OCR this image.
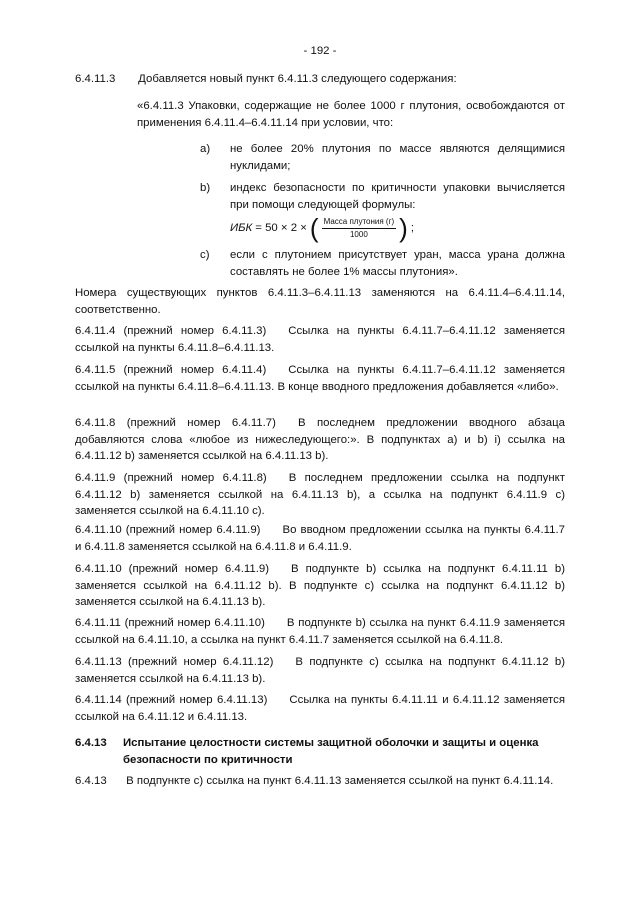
- 192 -
6.4.11.3 Добавляется новый пункт 6.4.11.3 следующего содержания:
«6.4.11.3 Упаковки, содержащие не более 1000 г плутония, освобождаются от применения 6.4.11.4–6.4.11.14 при условии, что:
a) не более 20% плутония по массе являются делящимися нуклидами;
b) индекс безопасности по критичности упаковки вычисляется при помощи следующей формулы:
ИБК = 50 × 2 × ( $\frac{\text{Масса плутония (г)}}{1000}$ ) ;
c) если с плутонием присутствует уран, масса урана должна составлять не более 1% массы плутония».
Номера существующих пунктов 6.4.11.3–6.4.11.13 заменяются на 6.4.11.4–6.4.11.14, соответственно.
6.4.11.4 (прежний номер 6.4.11.3) Ссылка на пункты 6.4.11.7–6.4.11.12 заменяется ссылкой на пункты 6.4.11.8–6.4.11.13.
6.4.11.5 (прежний номер 6.4.11.4) Ссылка на пункты 6.4.11.7–6.4.11.12 заменяется ссылкой на пункты 6.4.11.8–6.4.11.13. В конце вводного предложения добавляется «либо».
6.4.11.8 (прежний номер 6.4.11.7) В последнем предложении вводного абзаца добавляются слова «любое из нижеследующего:». В подпунктах a) и b) i) ссылка на 6.4.11.12 b) заменяется ссылкой на 6.4.11.13 b).
6.4.11.9 (прежний номер 6.4.11.8) В последнем предложении ссылка на подпункт 6.4.11.12 b) заменяется ссылкой на 6.4.11.13 b), а ссылка на подпункт 6.4.11.9 c) заменяется ссылкой на 6.4.11.10 c).
6.4.11.10 (прежний номер 6.4.11.9) Во вводном предложении ссылка на пункты 6.4.11.7 и 6.4.11.8 заменяется ссылкой на 6.4.11.8 и 6.4.11.9.
6.4.11.10 (прежний номер 6.4.11.9) В подпункте b) ссылка на подпункт 6.4.11.11 b) заменяется ссылкой на 6.4.11.12 b). В подпункте c) ссылка на подпункт 6.4.11.12 b) заменяется ссылкой на 6.4.11.13 b).
6.4.11.11 (прежний номер 6.4.11.10) В подпункте b) ссылка на пункт 6.4.11.9 заменяется ссылкой на 6.4.11.10, а ссылка на пункт 6.4.11.7 заменяется ссылкой на 6.4.11.8.
6.4.11.13 (прежний номер 6.4.11.12) В подпункте c) ссылка на подпункт 6.4.11.12 b) заменяется ссылкой на 6.4.11.13 b).
6.4.11.14 (прежний номер 6.4.11.13) Ссылка на пункты 6.4.11.11 и 6.4.11.12 заменяется ссылкой на 6.4.11.12 и 6.4.11.13.
6.4.13 Испытание целостности системы защитной оболочки и защиты и оценка безопасности по критичности
6.4.13 В подпункте c) ссылка на пункт 6.4.11.13 заменяется ссылкой на пункт 6.4.11.14.
